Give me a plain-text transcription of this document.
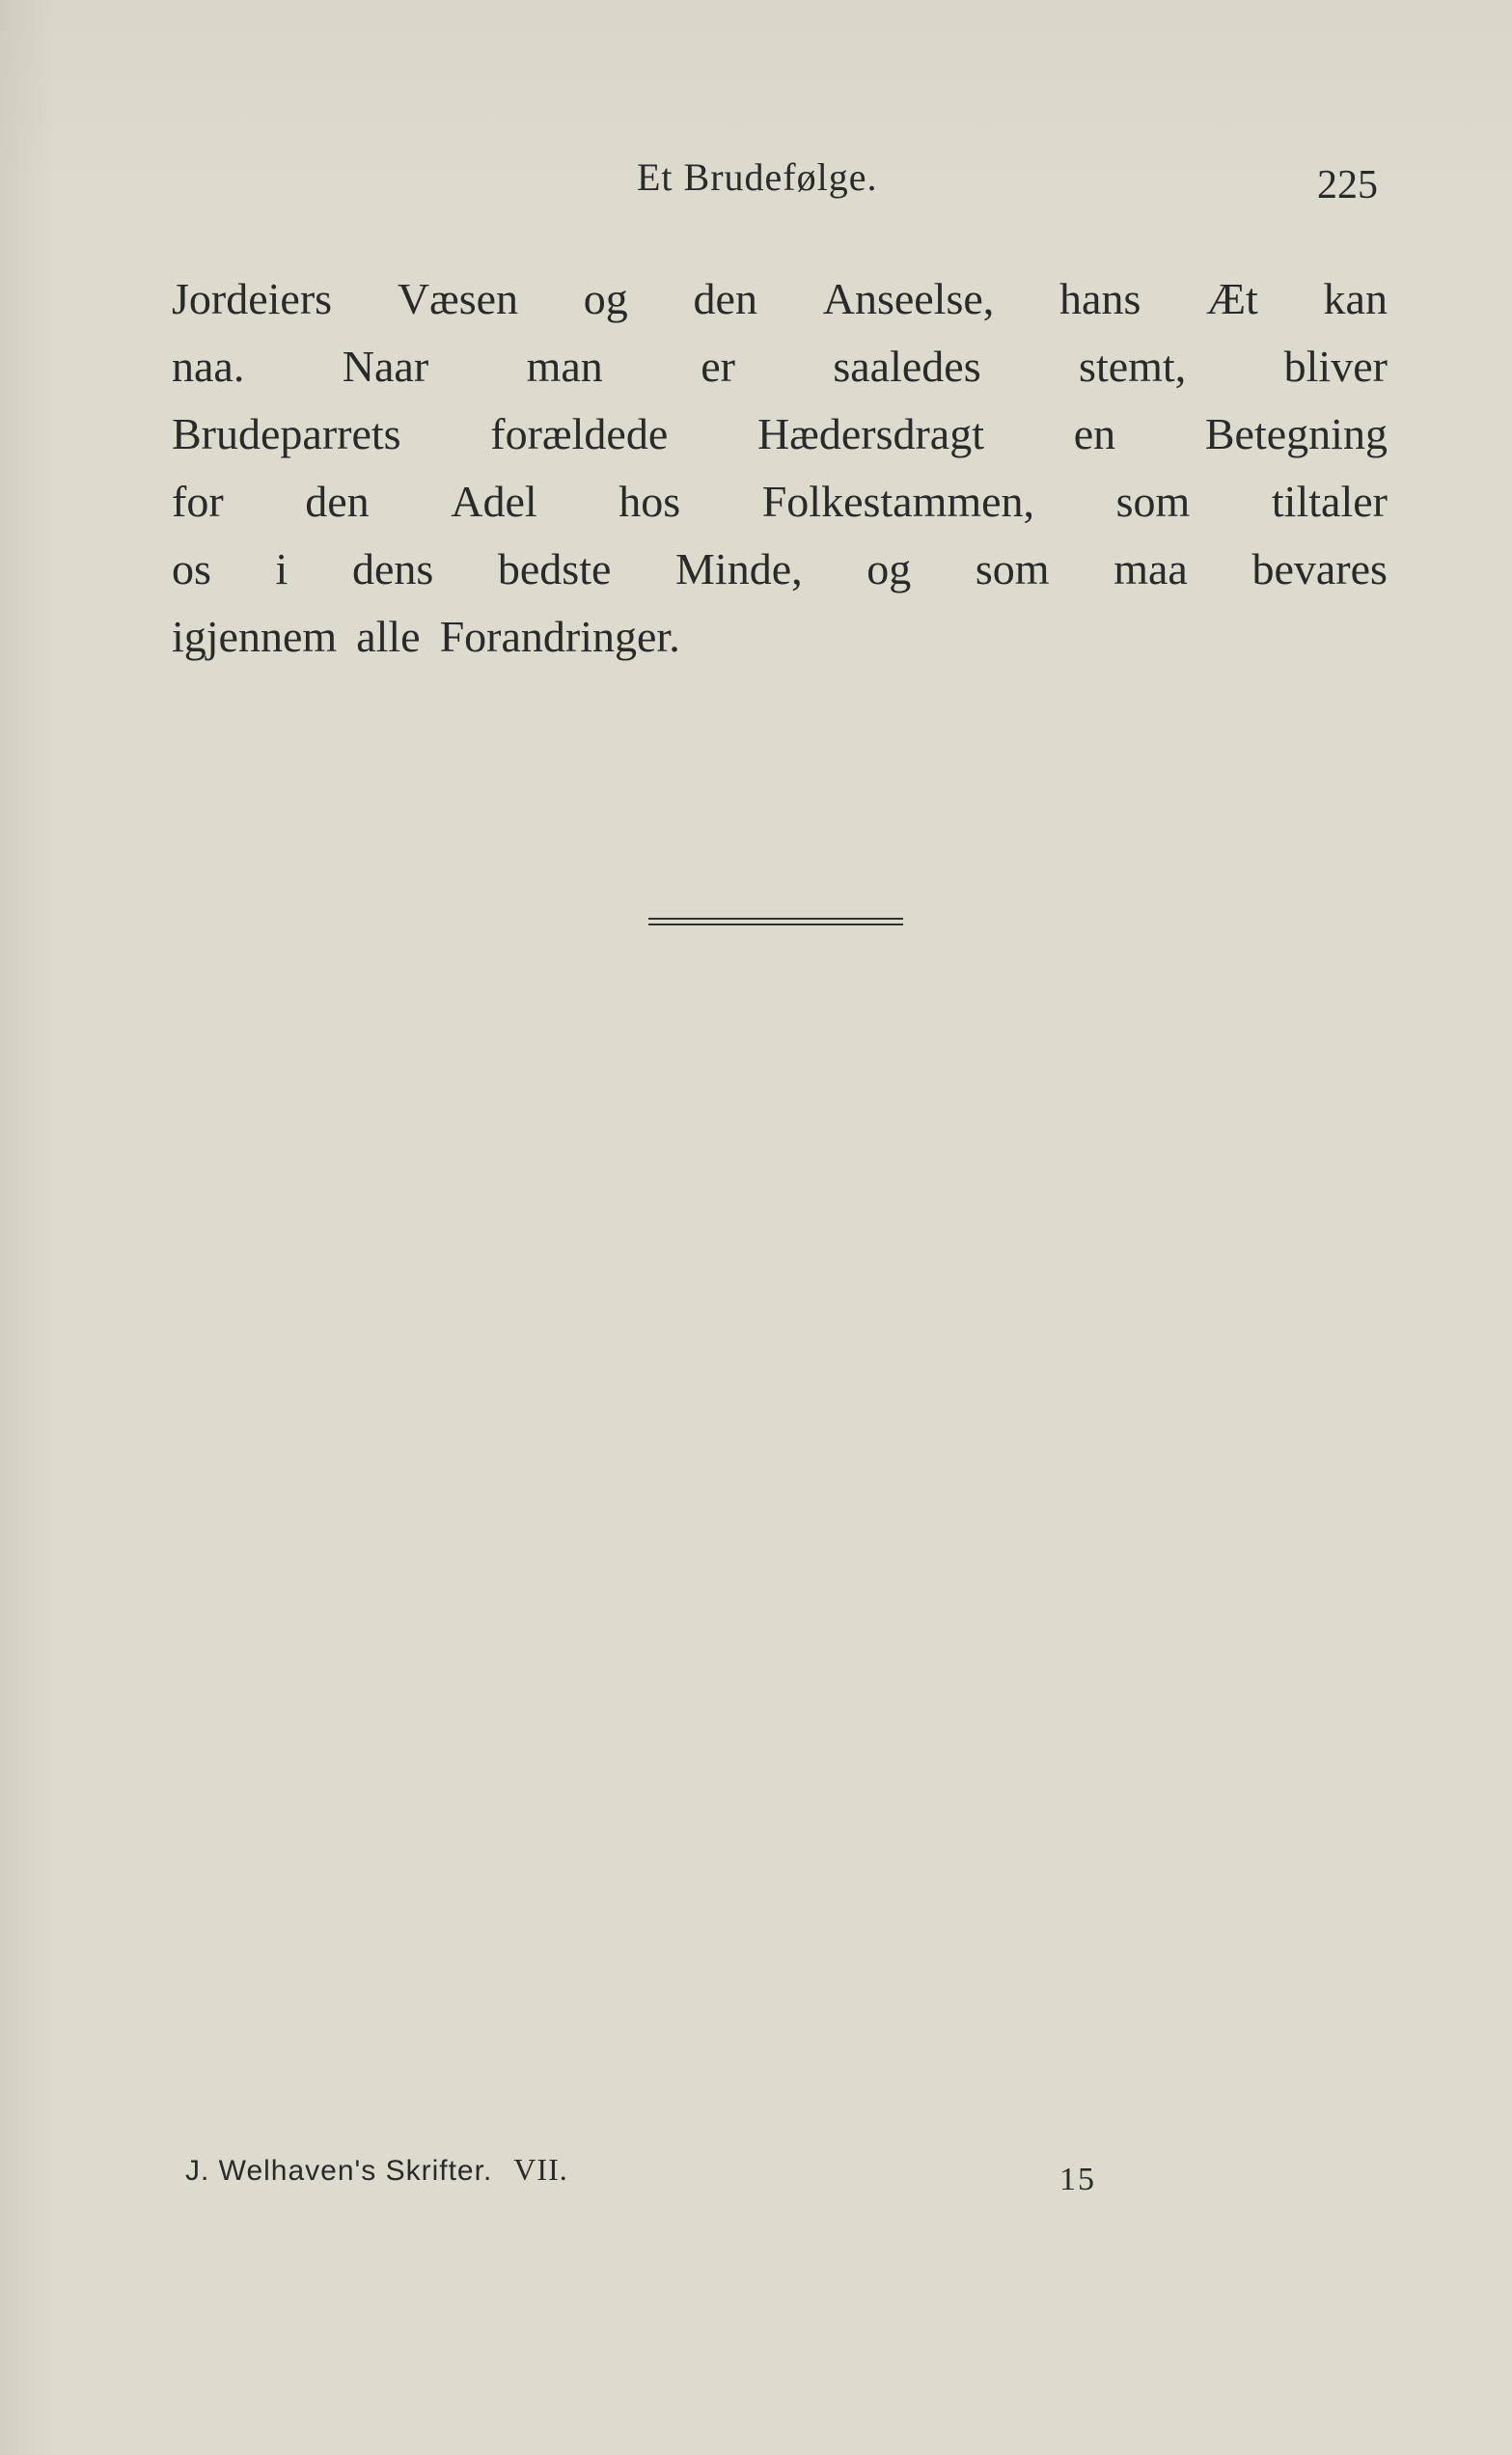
Et Brudefølge.	225
Jordeiers Væsen og den Anseelse, hans Æt kan
naa. Naar man er saaledes stemt, bliver
Brudeparrets forældede Hædersdragt en Betegning
for den Adel hos Folkestammen, som tiltaler
os i dens bedste Minde, og som maa bevares
igjennem alle Forandringer.
J. Welhaven's Skrifter. VII.	15
